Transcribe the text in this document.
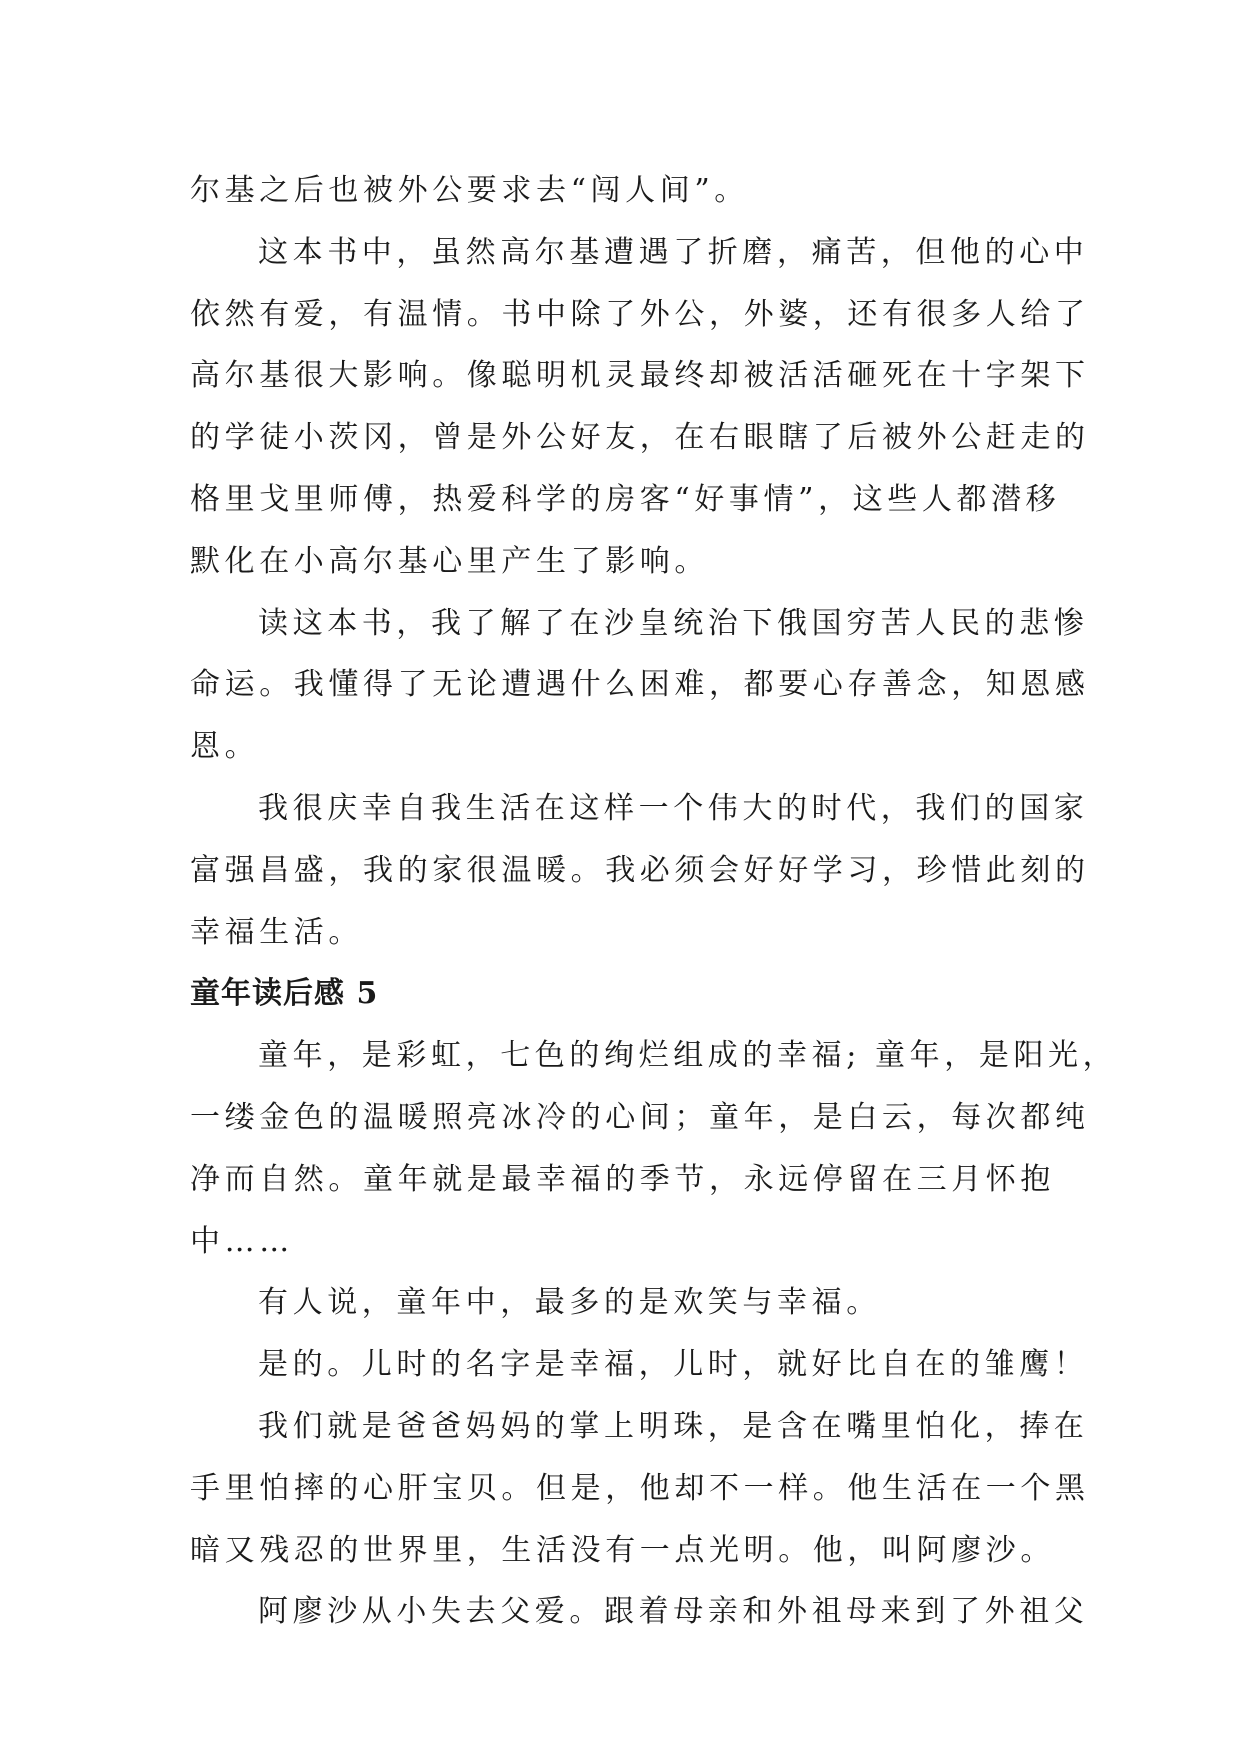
尔基之后也被外公要求去“闯人间”。

这本书中，虽然高尔基遭遇了折磨，痛苦，但他的心中
依然有爱，有温情。书中除了外公，外婆，还有很多人给了
高尔基很大影响。像聪明机灵最终却被活活砸死在十字架下
的学徒小茨冈，曾是外公好友，在右眼瞎了后被外公赶走的
格里戈里师傅，热爱科学的房客“好事情”，这些人都潜移
默化在小高尔基心里产生了影响。

读这本书，我了解了在沙皇统治下俄国穷苦人民的悲惨
命运。我懂得了无论遭遇什么困难，都要心存善念，知恩感
恩。

我很庆幸自我生活在这样一个伟大的时代，我们的国家
富强昌盛，我的家很温暖。我必须会好好学习，珍惜此刻的
幸福生活。

童年读后感 5

童年，是彩虹，七色的绚烂组成的幸福; 童年，是阳光，
一缕金色的温暖照亮冰冷的心间；童年，是白云，每次都纯
净而自然。童年就是最幸福的季节，永远停留在三月怀抱
中……

有人说，童年中，最多的是欢笑与幸福。

是的。儿时的名字是幸福，儿时，就好比自在的雏鹰！

我们就是爸爸妈妈的掌上明珠，是含在嘴里怕化，捧在
手里怕摔的心肝宝贝。但是，他却不一样。他生活在一个黑
暗又残忍的世界里，生活没有一点光明。他，叫阿廖沙。

阿廖沙从小失去父爱。跟着母亲和外祖母来到了外祖父
